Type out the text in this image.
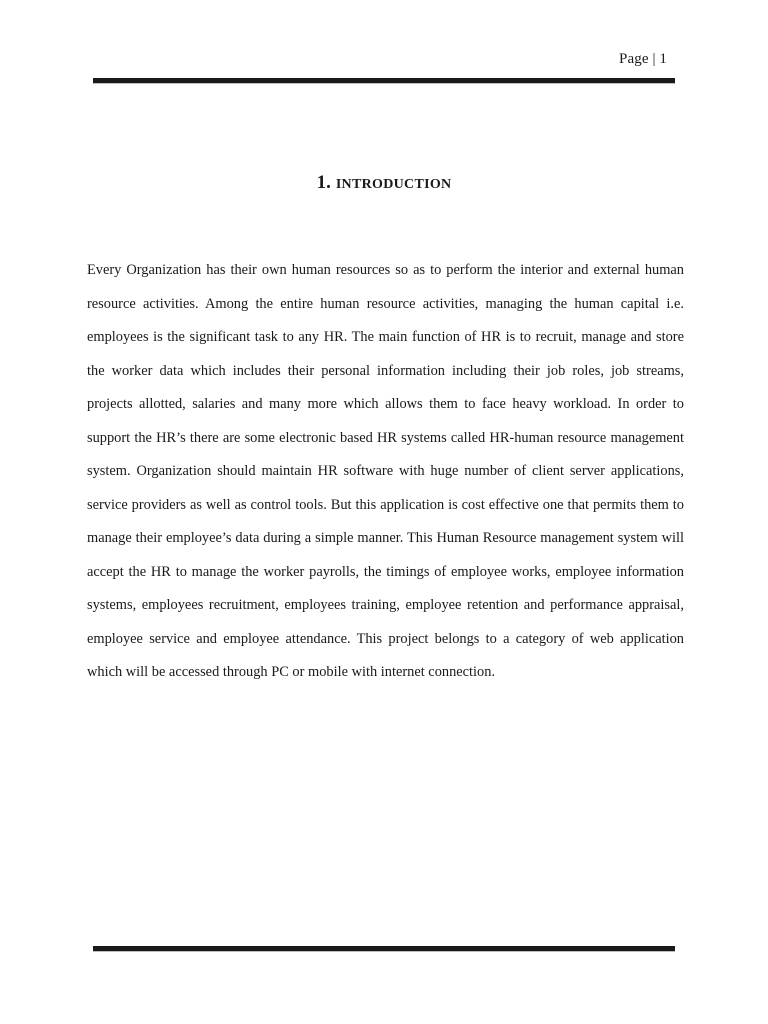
Page | 1
1. INTRODUCTION

Every Organization has their own human resources so as to perform the interior and external human resource activities. Among the entire human resource activities, managing the human capital i.e. employees is the significant task to any HR. The main function of HR is to recruit, manage and store the worker data which includes their personal information including their job roles, job streams, projects allotted, salaries and many more which allows them to face heavy workload. In order to support the HR’s there are some electronic based HR systems called HR-human resource management system. Organization should maintain HR software with huge number of client server applications, service providers as well as control tools. But this application is cost effective one that permits them to manage their employee’s data during a simple manner. This Human Resource management system will accept the HR to manage the worker payrolls, the timings of employee works, employee information systems, employees recruitment, employees training, employee retention and performance appraisal, employee service and employee attendance. This project belongs to a category of web application which will be accessed through PC or mobile with internet connection.
